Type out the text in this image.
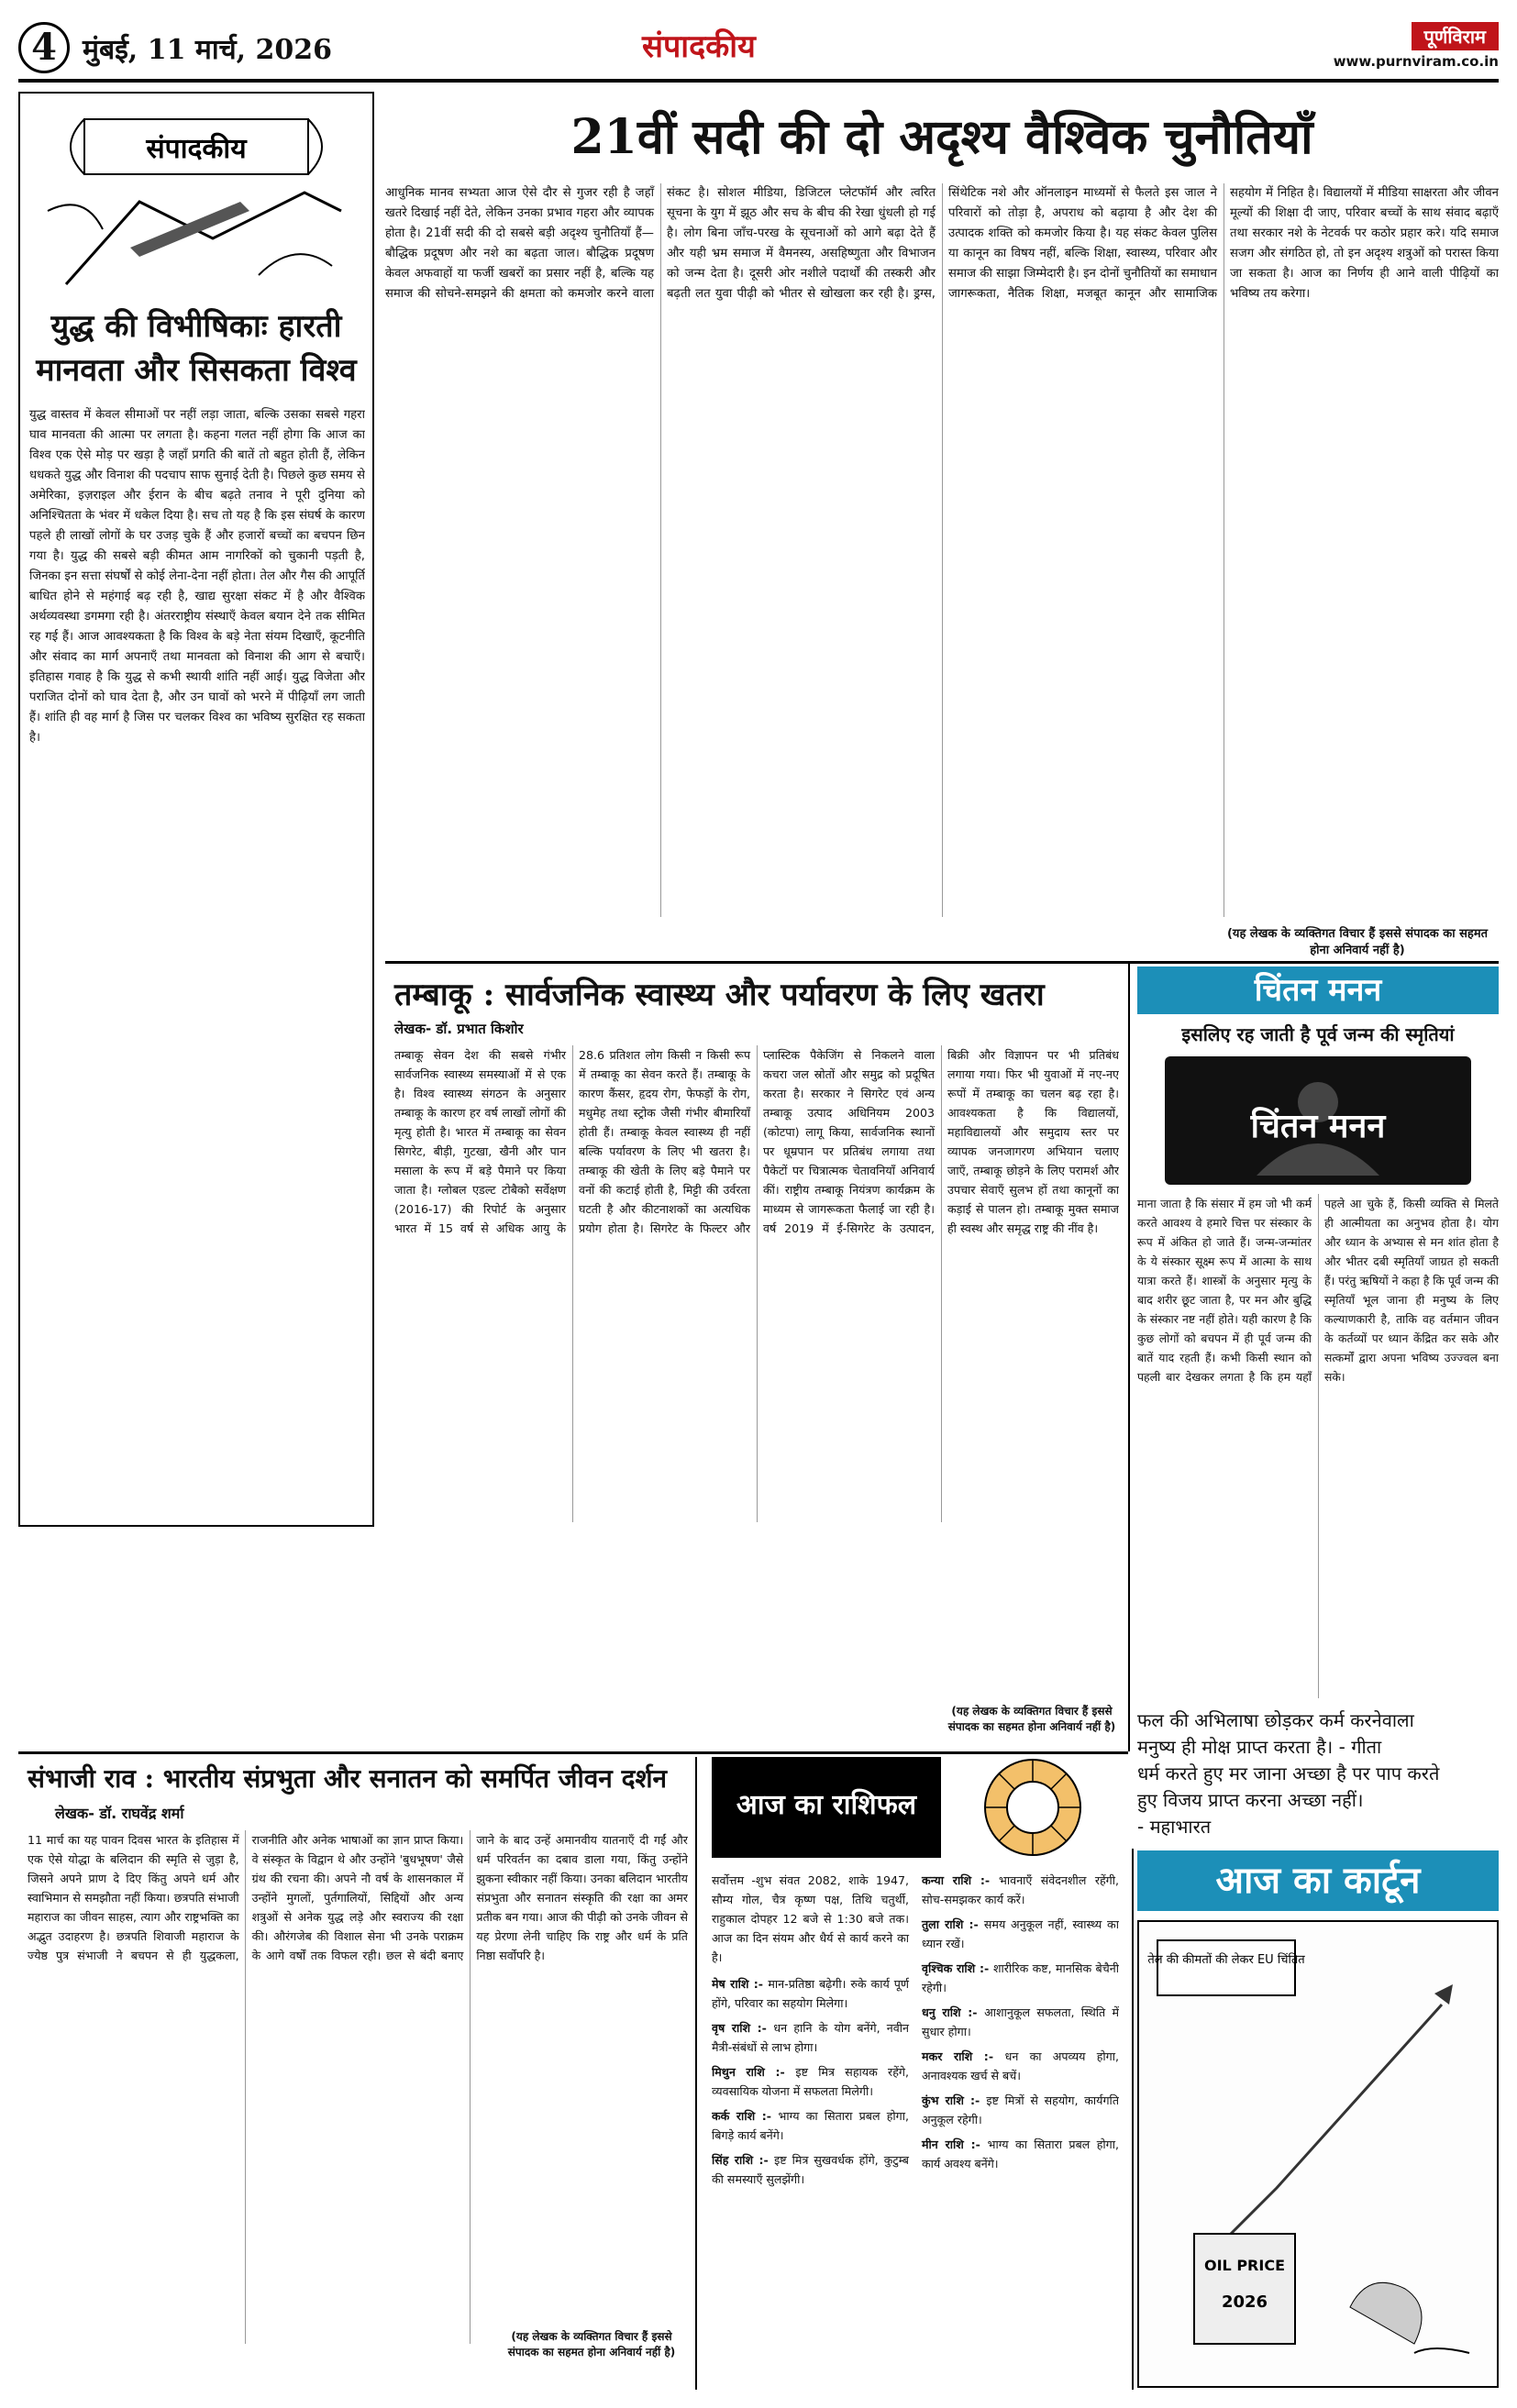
4 मुंबई, 11 मार्च, 2026	संपादकीय	पूर्णविराम
www.purnviram.co.in
संपादकीय
युद्ध की विभीषिकाः हारती
मानवता और सिसकता विश्व
युद्ध वास्तव में केवल सीमाओं पर नहीं लड़ा जाता, बल्कि उसका सबसे गहरा घाव मानवता की आत्मा पर लगता है। कहना गलत नहीं होगा कि आज का विश्व एक ऐसे मोड़ पर खड़ा है जहाँ प्रगति की बातें तो बहुत होती हैं, लेकिन धधकते युद्ध और विनाश की पदचाप साफ सुनाई देती है। पिछले कुछ समय से अमेरिका, इज़राइल और ईरान के बीच बढ़ते तनाव ने पूरी दुनिया को अनिश्चितता के भंवर में धकेल दिया है। सच तो यह है कि इस संघर्ष के कारण पहले ही लाखों लोगों के घर उजड़ चुके हैं और हजारों बच्चों का बचपन छिन गया है। युद्ध की सबसे बड़ी कीमत आम नागरिकों को चुकानी पड़ती है, जिनका इन सत्ता संघर्षों से कोई लेना-देना नहीं होता। तेल और गैस की आपूर्ति बाधित होने से महंगाई बढ़ रही है, खाद्य सुरक्षा संकट में है और वैश्विक अर्थव्यवस्था डगमगा रही है। अंतरराष्ट्रीय संस्थाएँ केवल बयान देने तक सीमित रह गई हैं। आज आवश्यकता है कि विश्व के बड़े नेता संयम दिखाएँ, कूटनीति और संवाद का मार्ग अपनाएँ तथा मानवता को विनाश की आग से बचाएँ। इतिहास गवाह है कि युद्ध से कभी स्थायी शांति नहीं आई। युद्ध विजेता और पराजित दोनों को घाव देता है, और उन घावों को भरने में पीढ़ियाँ लग जाती हैं। शांति ही वह मार्ग है जिस पर चलकर विश्व का भविष्य सुरक्षित रह सकता है।
21वीं सदी की दो अदृश्य वैश्विक चुनौतियाँ
आधुनिक मानव सभ्यता आज ऐसे दौर से गुजर रही है जहाँ खतरे दिखाई नहीं देते, लेकिन उनका प्रभाव गहरा और व्यापक होता है। 21वीं सदी की दो सबसे बड़ी अदृश्य चुनौतियाँ हैं—बौद्धिक प्रदूषण और नशे का बढ़ता जाल। बौद्धिक प्रदूषण केवल अफवाहों या फर्जी खबरों का प्रसार नहीं है, बल्कि यह समाज की सोचने-समझने की क्षमता को कमजोर करने वाला संकट है। सोशल मीडिया, डिजिटल प्लेटफॉर्म और त्वरित सूचना के युग में झूठ और सच के बीच की रेखा धुंधली हो गई है। लोग बिना जाँच-परख के सूचनाओं को आगे बढ़ा देते हैं और यही भ्रम समाज में वैमनस्य, असहिष्णुता और विभाजन को जन्म देता है। दूसरी ओर नशीले पदार्थों की तस्करी और बढ़ती लत युवा पीढ़ी को भीतर से खोखला कर रही है। ड्रग्स, सिंथेटिक नशे और ऑनलाइन माध्यमों से फैलते इस जाल ने परिवारों को तोड़ा है, अपराध को बढ़ाया है और देश की उत्पादक शक्ति को कमजोर किया है। यह संकट केवल पुलिस या कानून का विषय नहीं, बल्कि शिक्षा, स्वास्थ्य, परिवार और समाज की साझा जिम्मेदारी है। इन दोनों चुनौतियों का समाधान जागरूकता, नैतिक शिक्षा, मजबूत कानून और सामाजिक सहयोग में निहित है। विद्यालयों में मीडिया साक्षरता और जीवन मूल्यों की शिक्षा दी जाए, परिवार बच्चों के साथ संवाद बढ़ाएँ तथा सरकार नशे के नेटवर्क पर कठोर प्रहार करे। यदि समाज सजग और संगठित हो, तो इन अदृश्य शत्रुओं को परास्त किया जा सकता है। आज का निर्णय ही आने वाली पीढ़ियों का भविष्य तय करेगा।
(यह लेखक के व्यक्तिगत विचार हैं इससे संपादक का सहमत होना अनिवार्य नहीं है)
तम्बाकू : सार्वजनिक स्वास्थ्य और पर्यावरण के लिए खतरा
लेखक- डॉ. प्रभात किशोर
तम्बाकू सेवन देश की सबसे गंभीर सार्वजनिक स्वास्थ्य समस्याओं में से एक है। विश्व स्वास्थ्य संगठन के अनुसार तम्बाकू के कारण हर वर्ष लाखों लोगों की मृत्यु होती है। भारत में तम्बाकू का सेवन सिगरेट, बीड़ी, गुटखा, खैनी और पान मसाला के रूप में बड़े पैमाने पर किया जाता है। ग्लोबल एडल्ट टोबैको सर्वेक्षण (2016-17) की रिपोर्ट के अनुसार भारत में 15 वर्ष से अधिक आयु के 28.6 प्रतिशत लोग किसी न किसी रूप में तम्बाकू का सेवन करते हैं। तम्बाकू के कारण कैंसर, हृदय रोग, फेफड़ों के रोग, मधुमेह तथा स्ट्रोक जैसी गंभीर बीमारियाँ होती हैं। तम्बाकू केवल स्वास्थ्य ही नहीं बल्कि पर्यावरण के लिए भी खतरा है। तम्बाकू की खेती के लिए बड़े पैमाने पर वनों की कटाई होती है, मिट्टी की उर्वरता घटती है और कीटनाशकों का अत्यधिक प्रयोग होता है। सिगरेट के फिल्टर और प्लास्टिक पैकेजिंग से निकलने वाला कचरा जल स्रोतों और समुद्र को प्रदूषित करता है। सरकार ने सिगरेट एवं अन्य तम्बाकू उत्पाद अधिनियम 2003 (कोटपा) लागू किया, सार्वजनिक स्थानों पर धूम्रपान पर प्रतिबंध लगाया तथा पैकेटों पर चित्रात्मक चेतावनियाँ अनिवार्य कीं। राष्ट्रीय तम्बाकू नियंत्रण कार्यक्रम के माध्यम से जागरूकता फैलाई जा रही है। वर्ष 2019 में ई-सिगरेट के उत्पादन, बिक्री और विज्ञापन पर भी प्रतिबंध लगाया गया। फिर भी युवाओं में नए-नए रूपों में तम्बाकू का चलन बढ़ रहा है। आवश्यकता है कि विद्यालयों, महाविद्यालयों और समुदाय स्तर पर व्यापक जनजागरण अभियान चलाए जाएँ, तम्बाकू छोड़ने के लिए परामर्श और उपचार सेवाएँ सुलभ हों तथा कानूनों का कड़ाई से पालन हो। तम्बाकू मुक्त समाज ही स्वस्थ और समृद्ध राष्ट्र की नींव है।
(यह लेखक के व्यक्तिगत विचार हैं इससे संपादक का सहमत होना अनिवार्य नहीं है)
चिंतन मनन
इसलिए रह जाती है पूर्व जन्म की स्मृतियां
चिंतन मनन
माना जाता है कि संसार में हम जो भी कर्म करते आवश्य वे हमारे चित्त पर संस्कार के रूप में अंकित हो जाते हैं। जन्म-जन्मांतर के ये संस्कार सूक्ष्म रूप में आत्मा के साथ यात्रा करते हैं। शास्त्रों के अनुसार मृत्यु के बाद शरीर छूट जाता है, पर मन और बुद्धि के संस्कार नष्ट नहीं होते। यही कारण है कि कुछ लोगों को बचपन में ही पूर्व जन्म की बातें याद रहती हैं। कभी किसी स्थान को पहली बार देखकर लगता है कि हम यहाँ पहले आ चुके हैं, किसी व्यक्ति से मिलते ही आत्मीयता का अनुभव होता है। योग और ध्यान के अभ्यास से मन शांत होता है और भीतर दबी स्मृतियाँ जाग्रत हो सकती हैं। परंतु ऋषियों ने कहा है कि पूर्व जन्म की स्मृतियाँ भूल जाना ही मनुष्य के लिए कल्याणकारी है, ताकि वह वर्तमान जीवन के कर्तव्यों पर ध्यान केंद्रित कर सके और सत्कर्मों द्वारा अपना भविष्य उज्ज्वल बना सके।
फल की अभिलाषा छोड़कर कर्म करनेवाला
मनुष्य ही मोक्ष प्राप्त करता है। - गीता
धर्म करते हुए मर जाना अच्छा है पर पाप करते
हुए विजय प्राप्त करना अच्छा नहीं।
- महाभारत
संभाजी राव : भारतीय संप्रभुता और सनातन को समर्पित जीवन दर्शन
लेखक- डॉ. राघवेंद्र शर्मा
11 मार्च का यह पावन दिवस भारत के इतिहास में एक ऐसे योद्धा के बलिदान की स्मृति से जुड़ा है, जिसने अपने प्राण दे दिए किंतु अपने धर्म और स्वाभिमान से समझौता नहीं किया। छत्रपति संभाजी महाराज का जीवन साहस, त्याग और राष्ट्रभक्ति का अद्भुत उदाहरण है। छत्रपति शिवाजी महाराज के ज्येष्ठ पुत्र संभाजी ने बचपन से ही युद्धकला, राजनीति और अनेक भाषाओं का ज्ञान प्राप्त किया। वे संस्कृत के विद्वान थे और उन्होंने 'बुधभूषण' जैसे ग्रंथ की रचना की। अपने नौ वर्ष के शासनकाल में उन्होंने मुगलों, पुर्तगालियों, सिद्दियों और अन्य शत्रुओं से अनेक युद्ध लड़े और स्वराज्य की रक्षा की। औरंगजेब की विशाल सेना भी उनके पराक्रम के आगे वर्षों तक विफल रही। छल से बंदी बनाए जाने के बाद उन्हें अमानवीय यातनाएँ दी गईं और धर्म परिवर्तन का दबाव डाला गया, किंतु उन्होंने झुकना स्वीकार नहीं किया। उनका बलिदान भारतीय संप्रभुता और सनातन संस्कृति की रक्षा का अमर प्रतीक बन गया। आज की पीढ़ी को उनके जीवन से यह प्रेरणा लेनी चाहिए कि राष्ट्र और धर्म के प्रति निष्ठा सर्वोपरि है।
(यह लेखक के व्यक्तिगत विचार हैं इससे संपादक का सहमत होना अनिवार्य नहीं है)
आज का राशिफल
सर्वोत्तम -शुभ संवत 2082, शाके 1947, सौम्य गोल, चैत्र कृष्ण पक्ष, तिथि चतुर्थी, राहुकाल दोपहर 12 बजे से 1:30 बजे तक। आज का दिन संयम और धैर्य से कार्य करने का है।
मेष राशि :- मान-प्रतिष्ठा बढ़ेगी। रुके कार्य पूर्ण होंगे, परिवार का सहयोग मिलेगा।
वृष राशि :- धन हानि के योग बनेंगे, नवीन मैत्री-संबंधों से लाभ होगा।
मिथुन राशि :- इष्ट मित्र सहायक रहेंगे, व्यवसायिक योजना में सफलता मिलेगी।
कर्क राशि :- भाग्य का सितारा प्रबल होगा, बिगड़े कार्य बनेंगे।
सिंह राशि :- इष्ट मित्र सुखवर्धक होंगे, कुटुम्ब की समस्याएँ सुलझेंगी।
कन्या राशि :- भावनाएँ संवेदनशील रहेंगी, सोच-समझकर कार्य करें।
तुला राशि :- समय अनुकूल नहीं, स्वास्थ्य का ध्यान रखें।
वृश्चिक राशि :- शारीरिक कष्ट, मानसिक बेचैनी रहेगी।
धनु राशि :- आशानुकूल सफलता, स्थिति में सुधार होगा।
मकर राशि :- धन का अपव्यय होगा, अनावश्यक खर्च से बचें।
कुंभ राशि :- इष्ट मित्रों से सहयोग, कार्यगति अनुकूल रहेगी।
मीन राशि :- भाग्य का सितारा प्रबल होगा, कार्य अवश्य बनेंगे।
आज का कार्टून
तेल की कीमतों की लेकर EU चिंतित
OIL PRICE
2026
